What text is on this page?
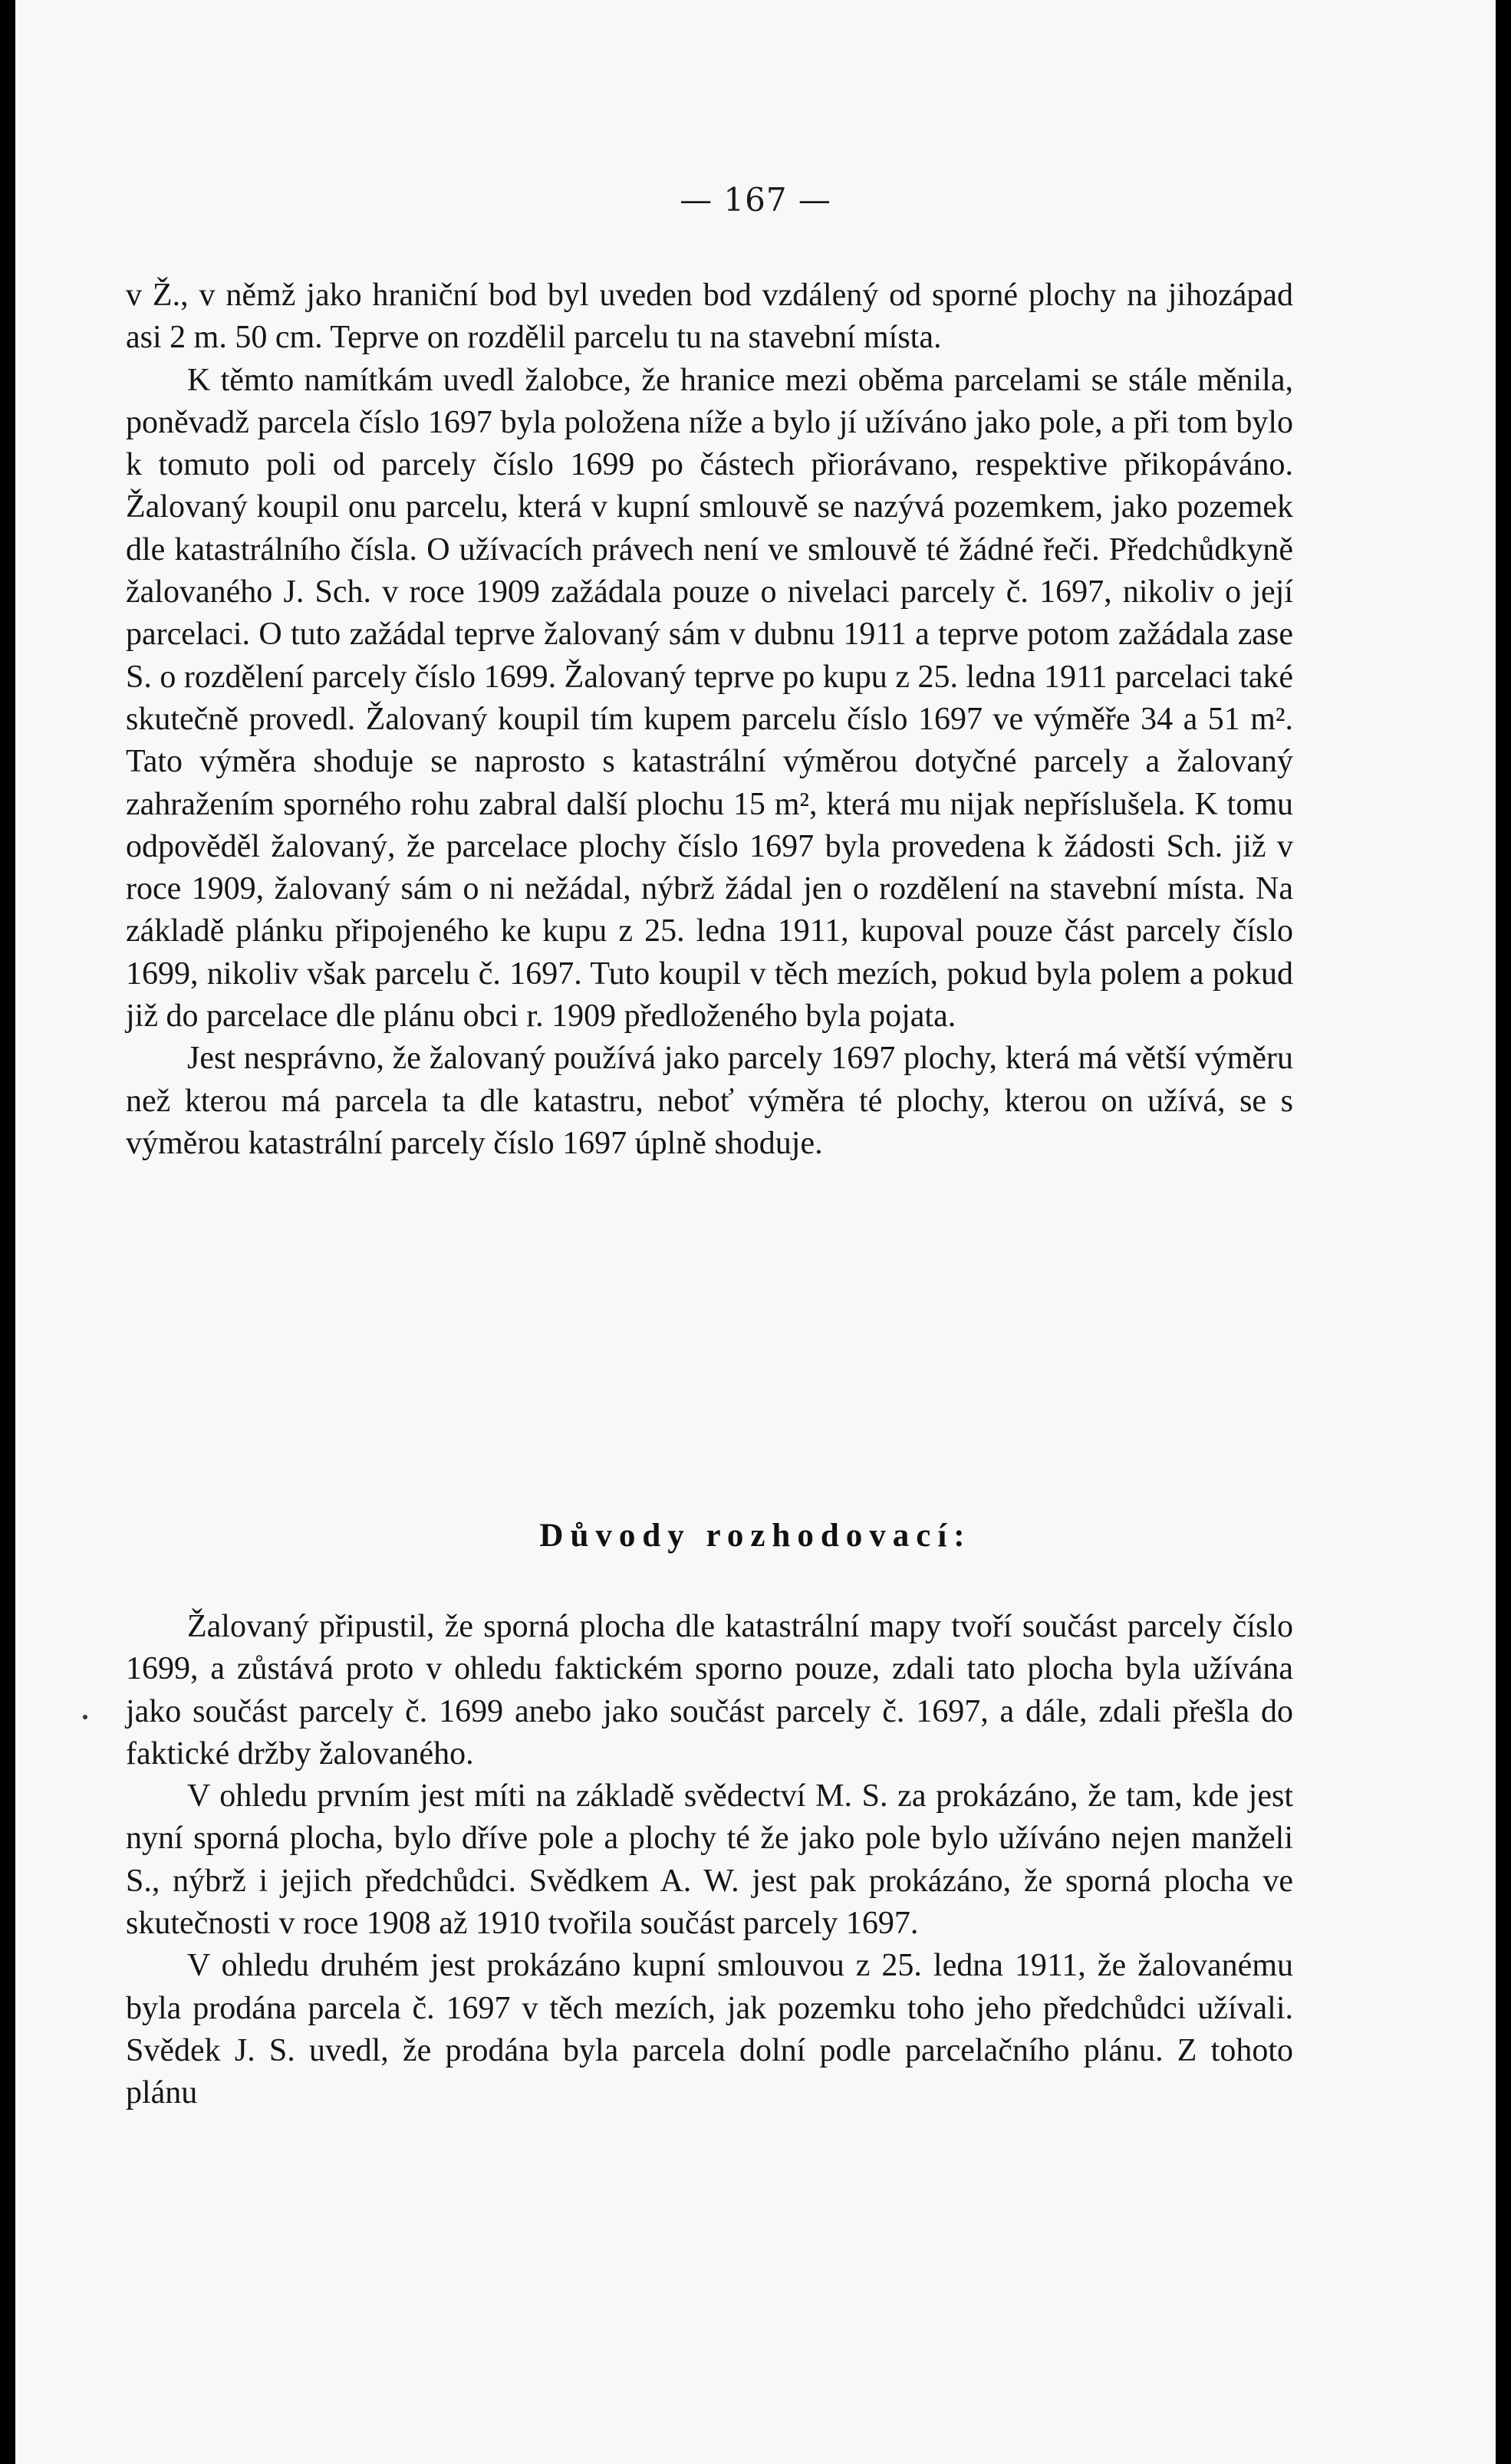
— 167 —

v Ž., v němž jako hraniční bod byl uveden bod vzdálený od sporné plochy na jihozápad asi 2 m. 50 cm. Teprve on rozdělil parcelu tu na stavební místa.

K těmto namítkám uvedl žalobce, že hranice mezi oběma parcelami se stále měnila, poněvadž parcela číslo 1697 byla položena níže a bylo jí užíváno jako pole, a při tom bylo k tomuto poli od parcely číslo 1699 po částech přiorávano, respektive přikopáváno. Žalovaný koupil onu parcelu, která v kupní smlouvě se nazývá pozemkem, jako pozemek dle katastrálního čísla. O užívacích právech není ve smlouvě té žádné řeči. Předchůdkyně žalovaného J. Sch. v roce 1909 zažádala pouze o nivelaci parcely č. 1697, nikoliv o její parcelaci. O tuto zažádal teprve žalovaný sám v dubnu 1911 a teprve potom zažádala zase S. o rozdělení parcely číslo 1699. Žalovaný teprve po kupu z 25. ledna 1911 parcelaci také skutečně provedl. Žalovaný koupil tím kupem parcelu číslo 1697 ve výměře 34 a 51 m². Tato výměra shoduje se naprosto s katastrální výměrou dotyčné parcely a žalovaný zahražením sporného rohu zabral další plochu 15 m², která mu nijak nepříslušela. K tomu odpověděl žalovaný, že parcelace plochy číslo 1697 byla provedena k žádosti Sch. již v roce 1909, žalovaný sám o ni nežádal, nýbrž žádal jen o rozdělení na stavební místa. Na základě plánku připojeného ke kupu z 25. ledna 1911, kupoval pouze část parcely číslo 1699, nikoliv však parcelu č. 1697. Tuto koupil v těch mezích, pokud byla polem a pokud již do parcelace dle plánu obci r. 1909 předloženého byla pojata.

Jest nesprávno, že žalovaný používá jako parcely 1697 plochy, která má větší výměru než kterou má parcela ta dle katastru, neboť výměra té plochy, kterou on užívá, se s výměrou katastrální parcely číslo 1697 úplně shoduje.

Důvody rozhodovací:

Žalovaný připustil, že sporná plocha dle katastrální mapy tvoří součást parcely číslo 1699, a zůstává proto v ohledu faktickém sporno pouze, zdali tato plocha byla užívána jako součást parcely č. 1699 anebo jako součást parcely č. 1697, a dále, zdali přešla do faktické držby žalovaného.

V ohledu prvním jest míti na základě svědectví M. S. za prokázáno, že tam, kde jest nyní sporná plocha, bylo dříve pole a plochy té že jako pole bylo užíváno nejen manželi S., nýbrž i jejich předchůdci. Svědkem A. W. jest pak prokázáno, že sporná plocha ve skutečnosti v roce 1908 až 1910 tvořila součást parcely 1697.

V ohledu druhém jest prokázáno kupní smlouvou z 25. ledna 1911, že žalovanému byla prodána parcela č. 1697 v těch mezích, jak pozemku toho jeho předchůdci užívali. Svědek J. S. uvedl, že prodána byla parcela dolní podle parcelačního plánu. Z tohoto plánu
